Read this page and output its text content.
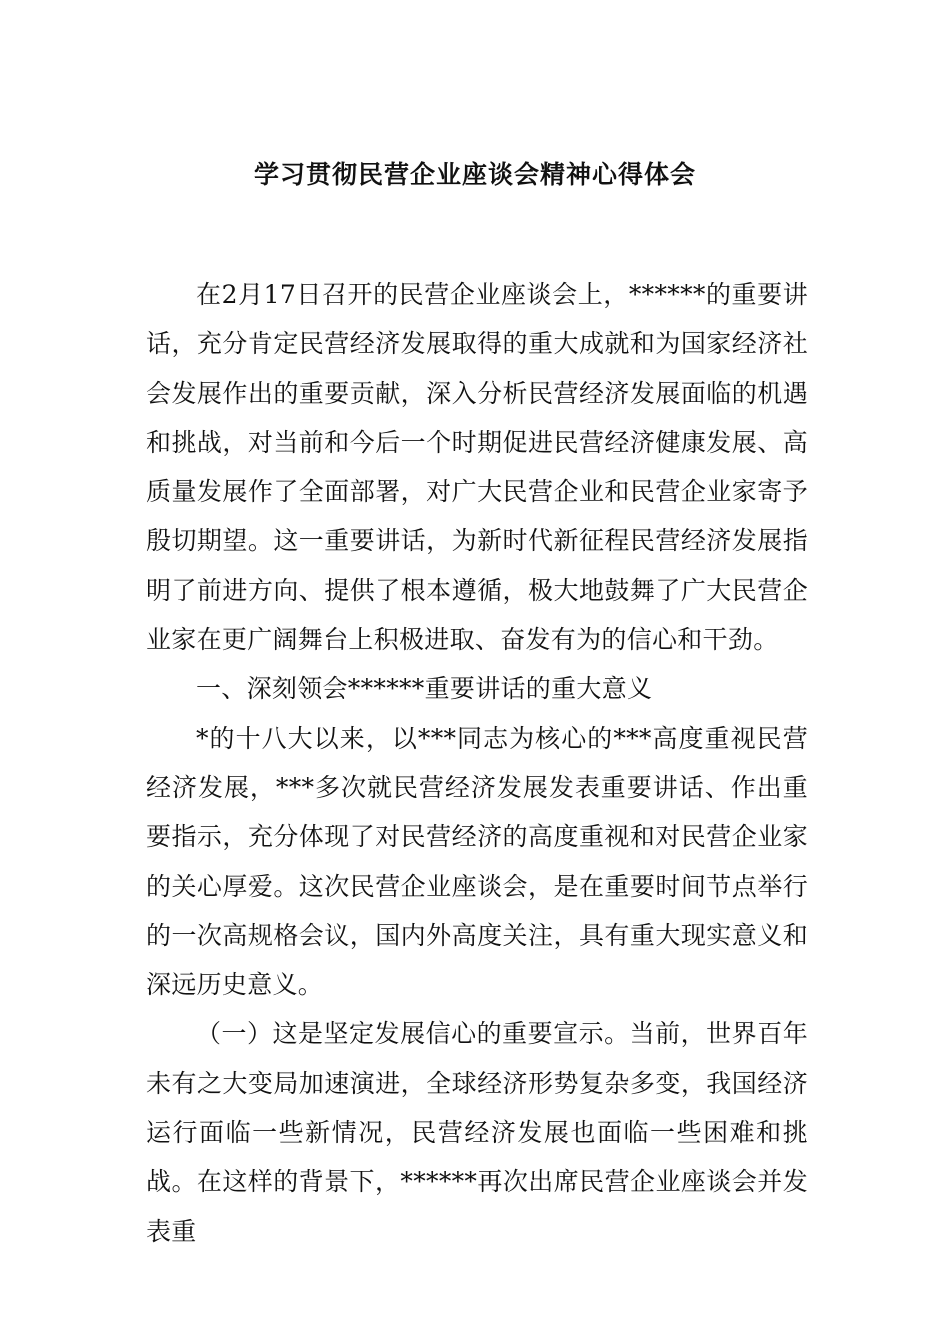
学习贯彻民营企业座谈会精神心得体会

在2月17日召开的民营企业座谈会上，******的重要讲话，充分肯定民营经济发展取得的重大成就和为国家经济社会发展作出的重要贡献，深入分析民营经济发展面临的机遇和挑战，对当前和今后一个时期促进民营经济健康发展、高质量发展作了全面部署，对广大民营企业和民营企业家寄予殷切期望。这一重要讲话，为新时代新征程民营经济发展指明了前进方向、提供了根本遵循，极大地鼓舞了广大民营企业家在更广阔舞台上积极进取、奋发有为的信心和干劲。

一、深刻领会******重要讲话的重大意义

*的十八大以来，以***同志为核心的***高度重视民营经济发展，***多次就民营经济发展发表重要讲话、作出重要指示，充分体现了对民营经济的高度重视和对民营企业家的关心厚爱。这次民营企业座谈会，是在重要时间节点举行的一次高规格会议，国内外高度关注，具有重大现实意义和深远历史意义。

（一）这是坚定发展信心的重要宣示。当前，世界百年未有之大变局加速演进，全球经济形势复杂多变，我国经济运行面临一些新情况，民营经济发展也面临一些困难和挑战。在这样的背景下，******再次出席民营企业座谈会并发表重
